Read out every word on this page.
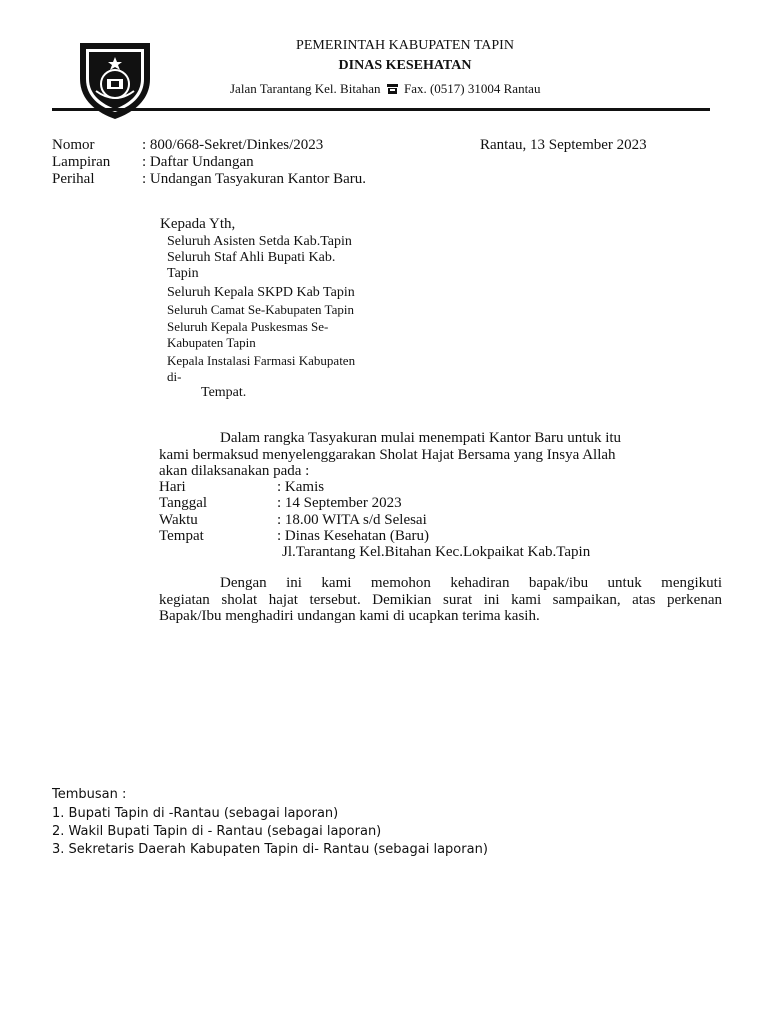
PEMERINTAH KABUPATEN TAPIN
DINAS KESEHATAN
Jalan Tarantang Kel. Bitahan Fax. (0517) 31004 Rantau
Nomor	: 800/668-Sekret/Dinkes/2023	Rantau, 13 September 2023
Lampiran : Daftar Undangan
Perihal	: Undangan Tasyakuran Kantor Baru.
Kepada Yth,
Seluruh Asisten Setda Kab.Tapin
Seluruh Staf Ahli Bupati Kab.
Tapin
Seluruh Kepala SKPD Kab Tapin
Seluruh Camat Se-Kabupaten Tapin
Seluruh Kepala Puskesmas Se-
Kabupaten Tapin
Kepala Instalasi Farmasi Kabupaten
di-
Tempat.
Dalam rangka Tasyakuran mulai menempati Kantor Baru untuk itu
kami bermaksud menyelenggarakan Sholat Hajat Bersama yang Insya Allah
akan dilaksanakan pada :
Hari	: Kamis
Tanggal	: 14 September 2023
Waktu	: 18.00 WITA s/d Selesai
Tempat	: Dinas Kesehatan (Baru)
Jl.Tarantang Kel.Bitahan Kec.Lokpaikat Kab.Tapin
Dengan ini kami memohon kehadiran bapak/ibu untuk mengikuti
kegiatan sholat hajat tersebut. Demikian surat ini kami sampaikan, atas perkenan
Bapak/Ibu menghadiri undangan kami di ucapkan terima kasih.
Tembusan :
1. Bupati Tapin di -Rantau (sebagai laporan)
2. Wakil Bupati Tapin di - Rantau (sebagai laporan)
3. Sekretaris Daerah Kabupaten Tapin di- Rantau (sebagai laporan)
